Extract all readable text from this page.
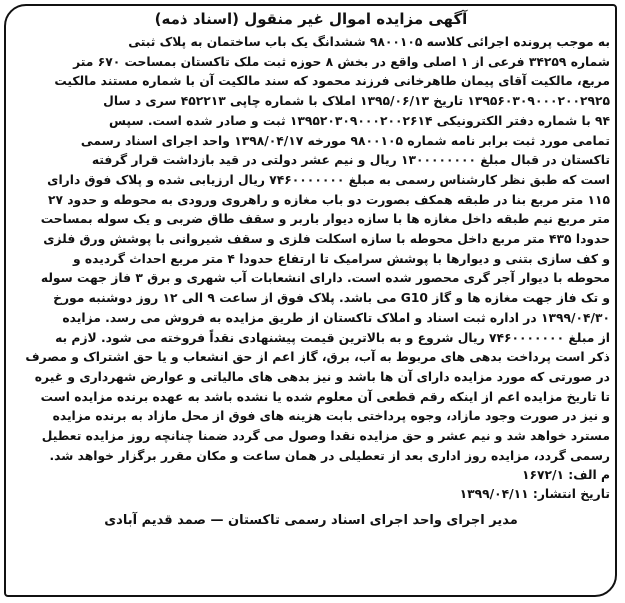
آگهی مزایده اموال غیر منقول (اسناد ذمه)

به موجب پرونده اجرائی کلاسه ۹۸۰۰۱۰۵ ششدانگ یک باب ساختمان به پلاک ثبتی
شماره ۳۴۲۵۹ فرعی از ۱ اصلی واقع در بخش ۸ حوزه ثبت ملک تاکستان بمساحت ۶۷۰ متر
مربع، مالکیت آقای پیمان طاهرخانی فرزند محمود که سند مالکیت آن با شماره مستند مالکیت
۱۳۹۵۶۰۳۰۹۰۰۰۲۰۰۲۹۲۵ تاریخ ۱۳۹۵/۰۶/۱۳ املاک با شماره چاپی ۴۵۲۲۱۳ سری د سال
۹۴ با شماره دفتر الکترونیکی ۱۳۹۵۲۰۳۰۹۰۰۰۲۰۰۲۶۱۴ ثبت و صادر شده است. سپس
تمامی مورد ثبت برابر نامه شماره ۹۸۰۰۱۰۵ مورخه ۱۳۹۸/۰۴/۱۷ واحد اجرای اسناد رسمی
تاکستان در قبال مبلغ ۱۳۰۰۰۰۰۰۰۰ ریال و نیم عشر دولتی در قید بازداشت قرار گرفته
است که طبق نظر کارشناس رسمی به مبلغ ۷۴۶۰۰۰۰۰۰۰ ریال ارزیابی شده و پلاک فوق دارای
۱۱۵ متر مربع بنا در طبقه همکف بصورت دو باب مغازه و راهروی ورودی به محوطه و حدود ۲۷
متر مربع نیم طبقه داخل مغازه ها با سازه دیوار باربر و سقف طاق ضربی و یک سوله بمساحت
حدودا ۴۳۵ متر مربع داخل محوطه با سازه اسکلت فلزی و سقف شیروانی با پوشش ورق فلزی
و کف سازی بتنی و دیوارها با پوشش سرامیک تا ارتفاع حدودا ۴ متر مربع احداث گردیده و
محوطه با دیوار آجر گری محصور شده است. دارای انشعابات آب شهری و برق ۳ فاز جهت سوله
و تک فاز جهت مغازه ها و گاز G10 می باشد. پلاک فوق از ساعت ۹ الی ۱۲ روز دوشنبه مورخ
۱۳۹۹/۰۴/۳۰ در اداره ثبت اسناد و املاک تاکستان از طریق مزایده به فروش می رسد. مزایده
از مبلغ ۷۴۶۰۰۰۰۰۰۰ ریال شروع و به بالاترین قیمت پیشنهادی نقداً فروخته می شود. لازم به
ذکر است پرداخت بدهی های مربوط به آب، برق، گاز اعم از حق انشعاب و یا حق اشتراک و مصرف
در صورتی که مورد مزایده دارای آن ها باشد و نیز بدهی های مالیاتی و عوارض شهرداری و غیره
تا تاریخ مزایده اعم از اینکه رقم قطعی آن معلوم شده یا نشده باشد به عهده برنده مزایده است
و نیز در صورت وجود مازاد، وجوه پرداختی بابت هزینه های فوق از محل مازاد به برنده مزایده
مسترد خواهد شد و نیم عشر و حق مزایده نقدا وصول می گردد ضمنا چنانچه روز مزایده تعطیل
رسمی گردد، مزایده روز اداری بعد از تعطیلی در همان ساعت و مکان مقرر برگزار خواهد شد.

م الف: ۱۶۷۲/۱

تاریخ انتشار: ۱۳۹۹/۰۴/۱۱

مدیر اجرای واحد اجرای اسناد رسمی تاکستان — صمد قدیم آبادی
